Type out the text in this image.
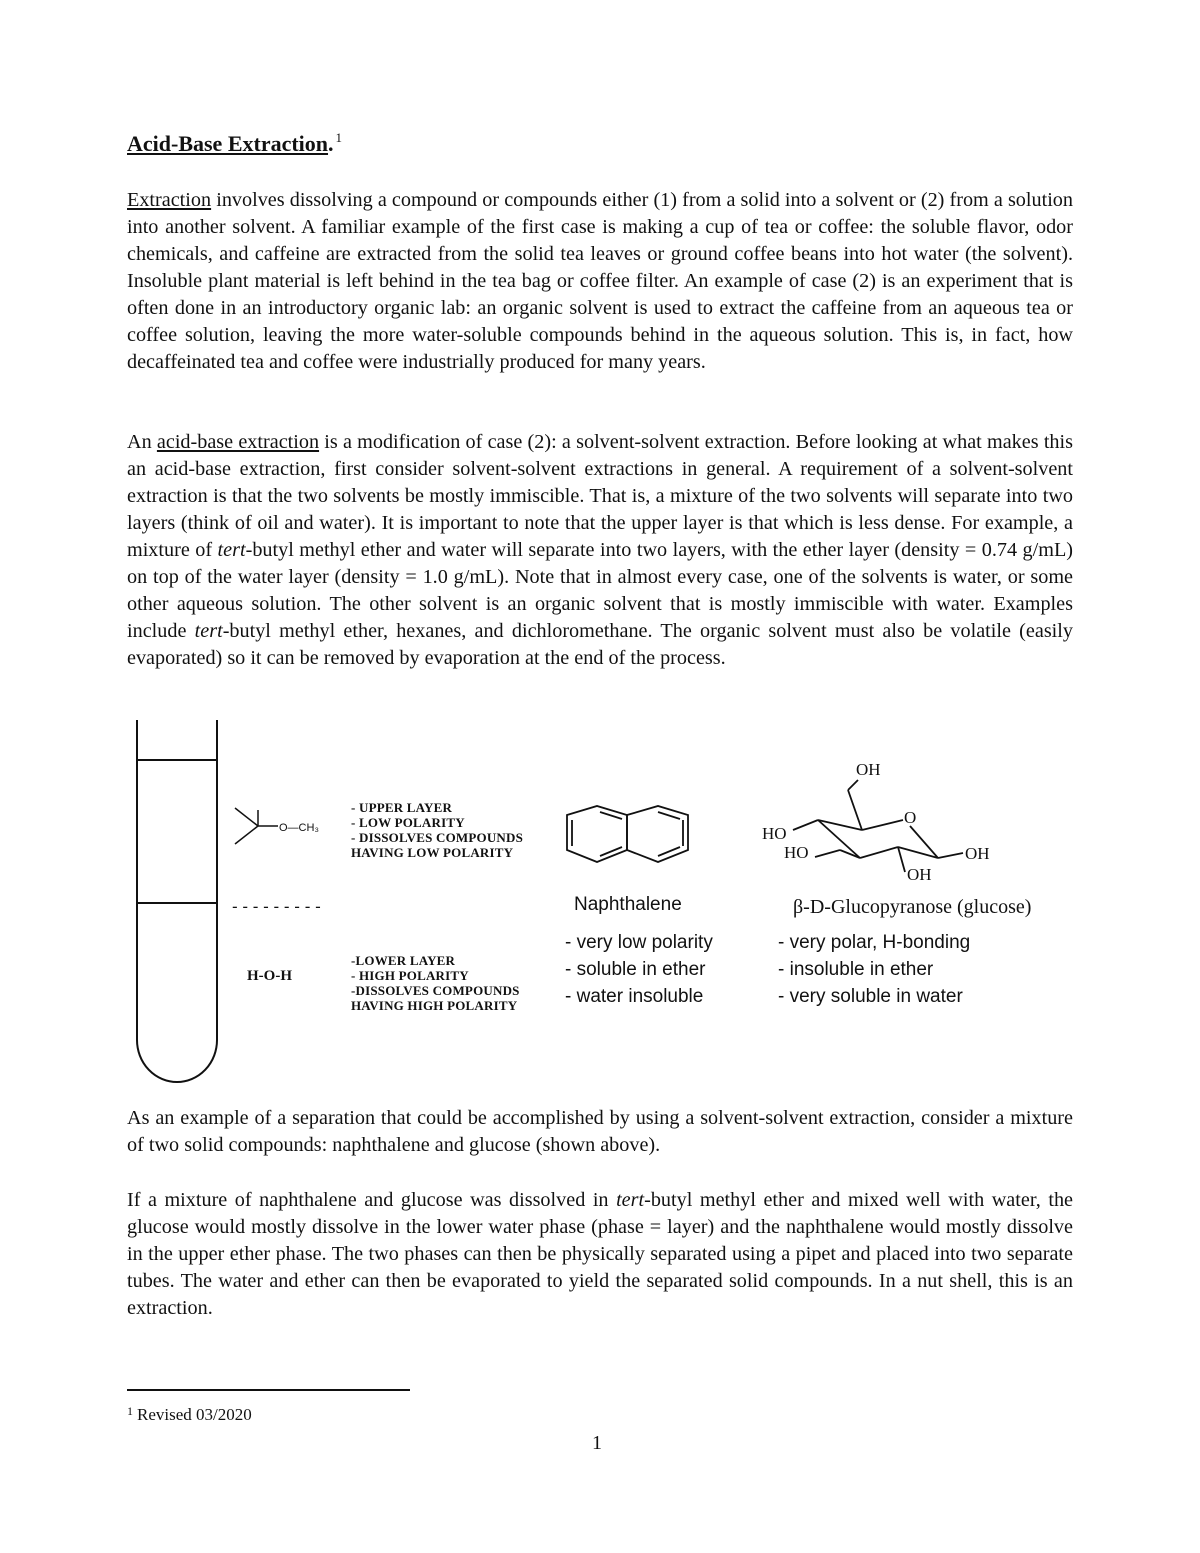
Acid-Base Extraction. $^1$

Extraction involves dissolving a compound or compounds either (1) from a solid into a solvent or (2) from a solution into another solvent. A familiar example of the first case is making a cup of tea or coffee: the soluble flavor, odor chemicals, and caffeine are extracted from the solid tea leaves or ground coffee beans into hot water (the solvent). Insoluble plant material is left behind in the tea bag or coffee filter. An example of case (2) is an experiment that is often done in an introductory organic lab: an organic solvent is used to extract the caffeine from an aqueous tea or coffee solution, leaving the more water-soluble compounds behind in the aqueous solution. This is, in fact, how decaffeinated tea and coffee were industrially produced for many years.

An acid-base extraction is a modification of case (2): a solvent-solvent extraction. Before looking at what makes this an acid-base extraction, first consider solvent-solvent extractions in general. A requirement of a solvent-solvent extraction is that the two solvents be mostly immiscible. That is, a mixture of the two solvents will separate into two layers (think of oil and water). It is important to note that the upper layer is that which is less dense. For example, a mixture of tert-butyl methyl ether and water will separate into two layers, with the ether layer (density = 0.74 g/mL) on top of the water layer (density = 1.0 g/mL). Note that in almost every case, one of the solvents is water, or some other aqueous solution. The other solvent is an organic solvent that is mostly immiscible with water. Examples include tert-butyl methyl ether, hexanes, and dichloromethane. The organic solvent must also be volatile (easily evaporated) so it can be removed by evaporation at the end of the process.

O—CH₃
- - - - - - - - -
H-O-H
OH
O
HO
HO	OH
OH
- UPPER LAYER
- LOW POLARITY
- DISSOLVES COMPOUNDS
HAVING LOW POLARITY
-LOWER LAYER
- HIGH POLARITY
-DISSOLVES COMPOUNDS
HAVING HIGH POLARITY
Naphthalene
- very low polarity
- soluble in ether
- water insoluble
β-D-Glucopyranose (glucose)
- very polar, H-bonding
- insoluble in ether
- very soluble in water

As an example of a separation that could be accomplished by using a solvent-solvent extraction, consider a mixture of two solid compounds: naphthalene and glucose (shown above).

If a mixture of naphthalene and glucose was dissolved in tert-butyl methyl ether and mixed well with water, the glucose would mostly dissolve in the lower water phase (phase = layer) and the naphthalene would mostly dissolve in the upper ether phase. The two phases can then be physically separated using a pipet and placed into two separate tubes. The water and ether can then be evaporated to yield the separated solid compounds. In a nut shell, this is an extraction.

$^1$ Revised 03/2020
1
